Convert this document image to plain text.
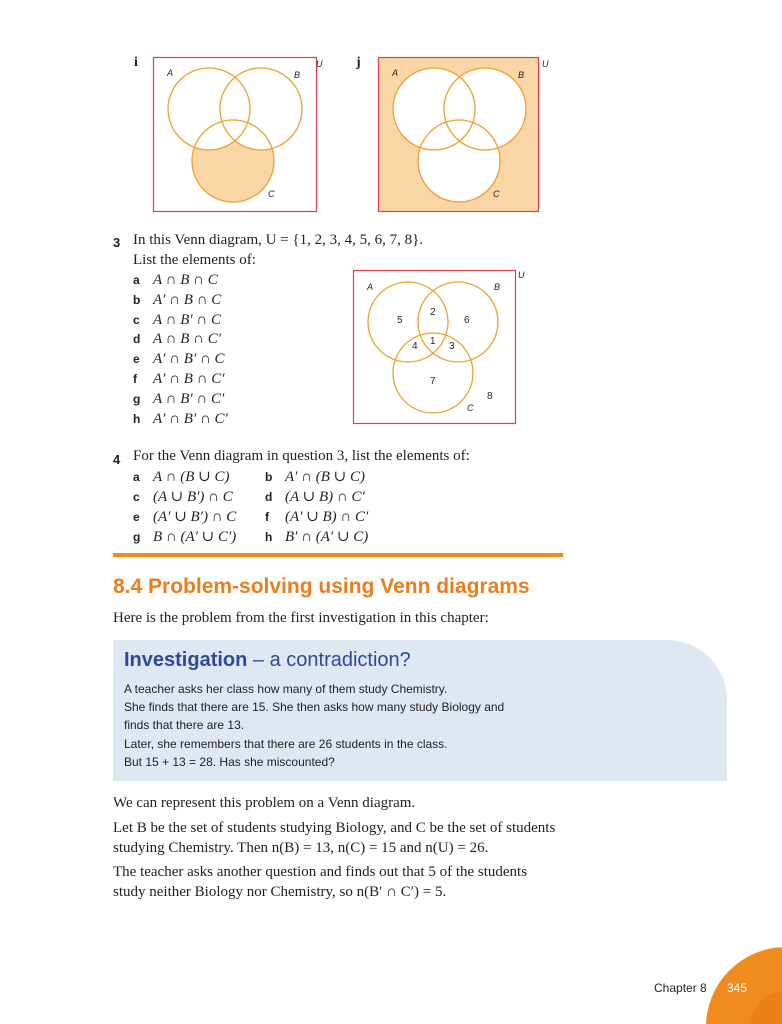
i
A	B
C
U j
A	B
C
U
3 In this Venn diagram, U = {1, 2, 3, 4, 5, 6, 7, 8}.
List the elements of:
a A ∩ B ∩ C
b A′ ∩ B ∩ C
c A ∩ B′ ∩ C
d A ∩ B ∩ C′
e A′ ∩ B′ ∩ C
f A′ ∩ B ∩ C′
g A ∩ B′ ∩ C′
h A′ ∩ B′ ∩ C′
A	B
C
U
5
2
6
4 1 3
7
8
4 For the Venn diagram in question 3, list the elements of:
a A ∩ (B ∪ C)	b A′ ∩ (B ∪ C)
c (A ∪ B′) ∩ C	d (A ∪ B) ∩ C′
e (A′ ∪ B′) ∩ C f (A′ ∪ B) ∩ C′
g B ∩ (A′ ∪ C′) h B′ ∩ (A′ ∪ C)
8.4 Problem-solving using Venn diagrams
Here is the problem from the first investigation in this chapter:
Investigation – a contradiction?
A teacher asks her class how many of them study Chemistry.
She finds that there are 15. She then asks how many study Biology and
finds that there are 13.
Later, she remembers that there are 26 students in the class.
But 15 + 13 = 28. Has she miscounted?
We can represent this problem on a Venn diagram.
Let B be the set of students studying Biology, and C be the set of students
studying Chemistry. Then n(B) = 13, n(C) = 15 and n(U) = 26.
The teacher asks another question and finds out that 5 of the students
study neither Biology nor Chemistry, so n(B′ ∩ C′) = 5.
Chapter 8 345
